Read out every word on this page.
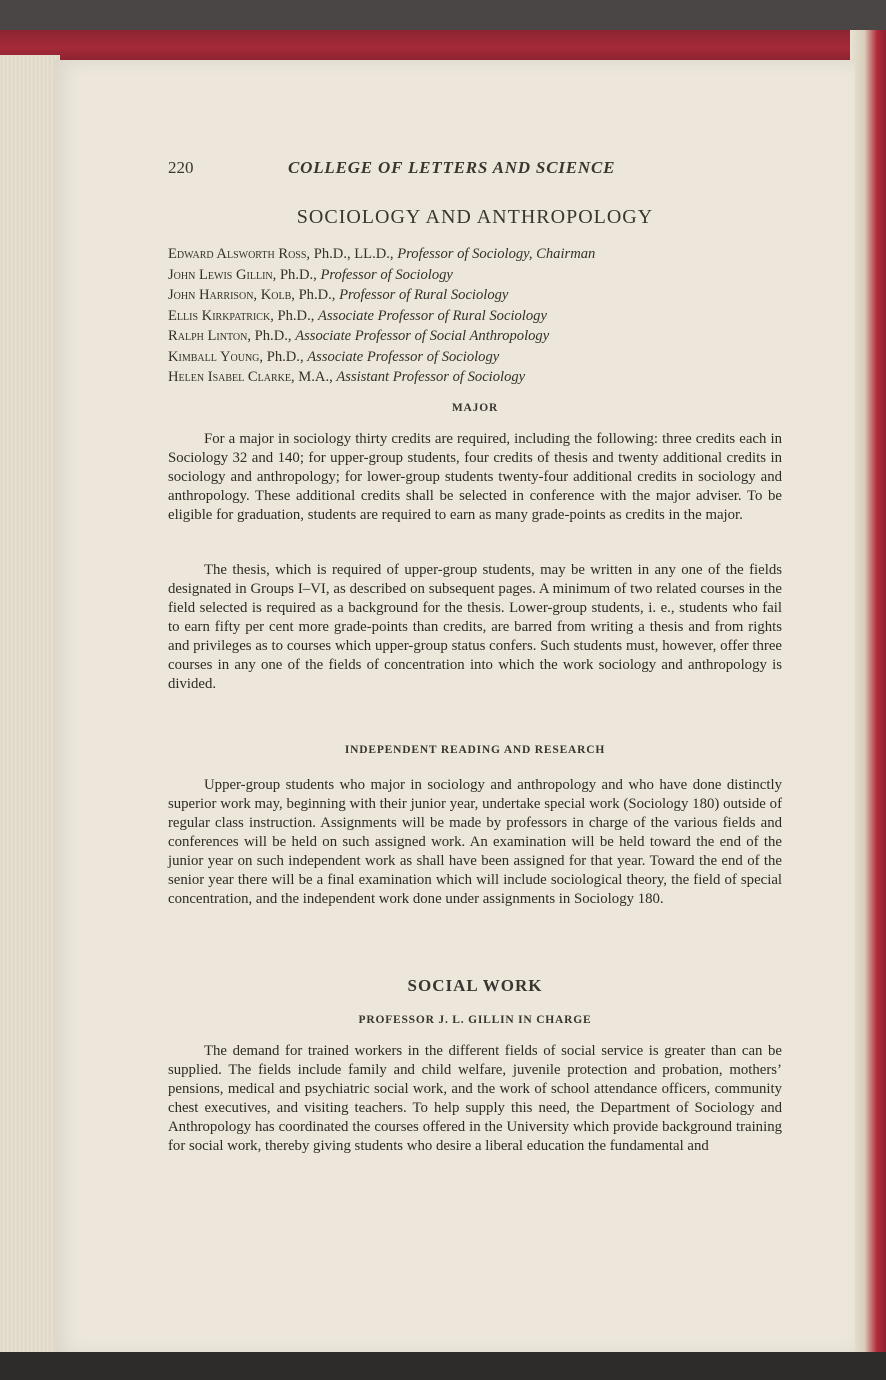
220	COLLEGE OF LETTERS AND SCIENCE
SOCIOLOGY AND ANTHROPOLOGY
Edward Alsworth Ross, Ph.D., LL.D., Professor of Sociology, Chairman
John Lewis Gillin, Ph.D., Professor of Sociology
John Harrison, Kolb, Ph.D., Professor of Rural Sociology
Ellis Kirkpatrick, Ph.D., Associate Professor of Rural Sociology
Ralph Linton, Ph.D., Associate Professor of Social Anthropology
Kimball Young, Ph.D., Associate Professor of Sociology
Helen Isabel Clarke, M.A., Assistant Professor of Sociology
MAJOR

For a major in sociology thirty credits are required, including the following: three credits each in Sociology 32 and 140; for upper-group students, four credits of thesis and twenty additional credits in sociology and anthropology; for lower-group students twenty-four additional credits in sociology and anthropology. These additional credits shall be selected in conference with the major adviser. To be eligible for graduation, students are required to earn as many grade-points as credits in the major.

The thesis, which is required of upper-group students, may be written in any one of the fields designated in Groups I–VI, as described on subsequent pages. A minimum of two related courses in the field selected is required as a background for the thesis. Lower-group students, i. e., students who fail to earn fifty per cent more grade-points than credits, are barred from writing a thesis and from rights and privileges as to courses which upper-group status confers. Such students must, however, offer three courses in any one of the fields of concentration into which the work sociology and anthropology is divided.

INDEPENDENT READING AND RESEARCH

Upper-group students who major in sociology and anthropology and who have done distinctly superior work may, beginning with their junior year, undertake special work (Sociology 180) outside of regular class instruction. Assignments will be made by professors in charge of the various fields and conferences will be held on such assigned work. An examination will be held toward the end of the junior year on such independent work as shall have been assigned for that year. Toward the end of the senior year there will be a final examination which will include sociological theory, the field of special concentration, and the independent work done under assignments in Sociology 180.

SOCIAL WORK
PROFESSOR J. L. GILLIN IN CHARGE

The demand for trained workers in the different fields of social service is greater than can be supplied. The fields include family and child welfare, juvenile protection and probation, mothers’ pensions, medical and psychiatric social work, and the work of school attendance officers, community chest executives, and visiting teachers. To help supply this need, the Department of Sociology and Anthropology has coordinated the courses offered in the University which provide background training for social work, thereby giving students who desire a liberal education the fundamental and
